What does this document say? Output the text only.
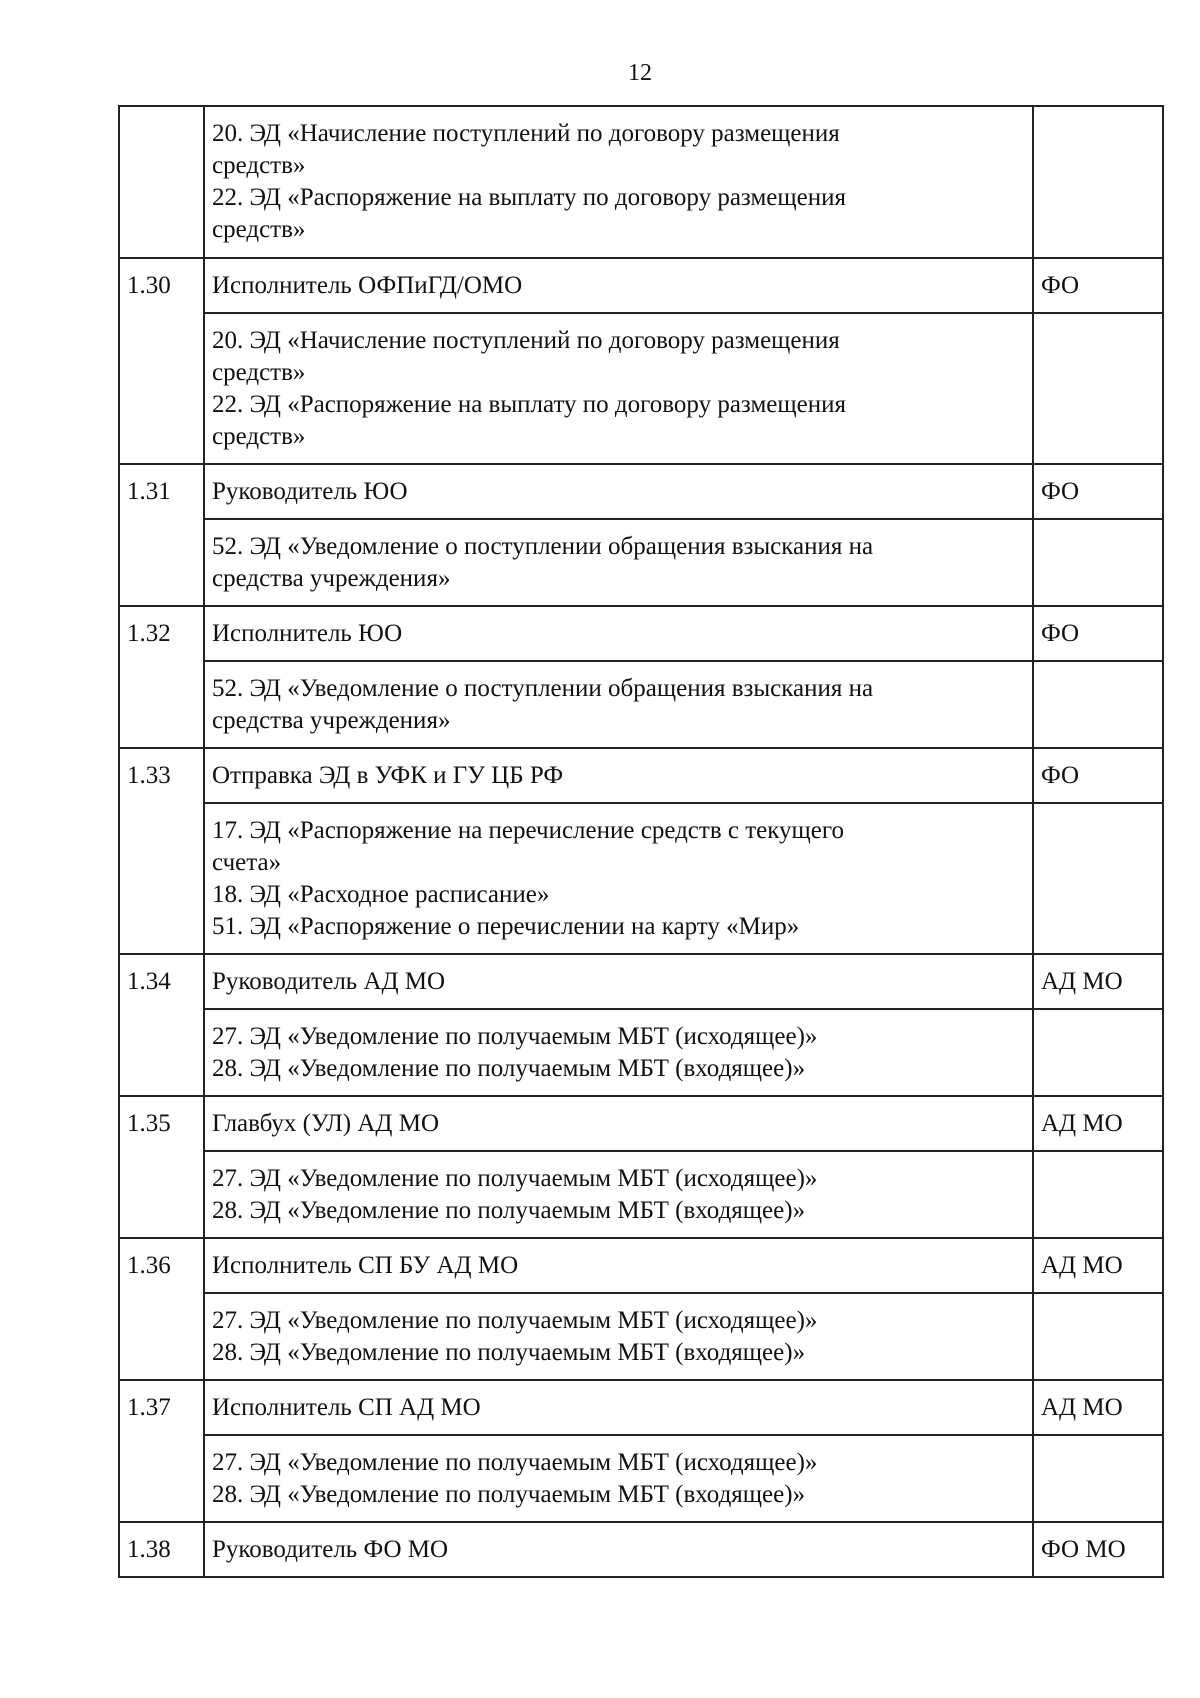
12

	20. ЭД «Начисление поступлений по договору размещения
средств»
22. ЭД «Распоряжение на выплату по договору размещения
средств»	

1.30	Исполнитель ОФПиГД/ОМО	ФО

	20. ЭД «Начисление поступлений по договору размещения
средств»
22. ЭД «Распоряжение на выплату по договору размещения
средств»	

1.31	Руководитель ЮО	ФО

	52. ЭД «Уведомление о поступлении обращения взыскания на
средства учреждения»	

1.32	Исполнитель ЮО	ФО

	52. ЭД «Уведомление о поступлении обращения взыскания на
средства учреждения»	

1.33	Отправка ЭД в УФК и ГУ ЦБ РФ	ФО

	17. ЭД «Распоряжение на перечисление средств с текущего
счета»
18. ЭД «Расходное расписание»
51. ЭД «Распоряжение о перечислении на карту «Мир»	

1.34	Руководитель АД МО	АД МО

	27. ЭД «Уведомление по получаемым МБТ (исходящее)»
28. ЭД «Уведомление по получаемым МБТ (входящее)»	

1.35	Главбух (УЛ) АД МО	АД МО

	27. ЭД «Уведомление по получаемым МБТ (исходящее)»
28. ЭД «Уведомление по получаемым МБТ (входящее)»	

1.36	Исполнитель СП БУ АД МО	АД МО

	27. ЭД «Уведомление по получаемым МБТ (исходящее)»
28. ЭД «Уведомление по получаемым МБТ (входящее)»	

1.37	Исполнитель СП АД МО	АД МО

	27. ЭД «Уведомление по получаемым МБТ (исходящее)»
28. ЭД «Уведомление по получаемым МБТ (входящее)»	

1.38	Руководитель ФО МО	ФО МО
